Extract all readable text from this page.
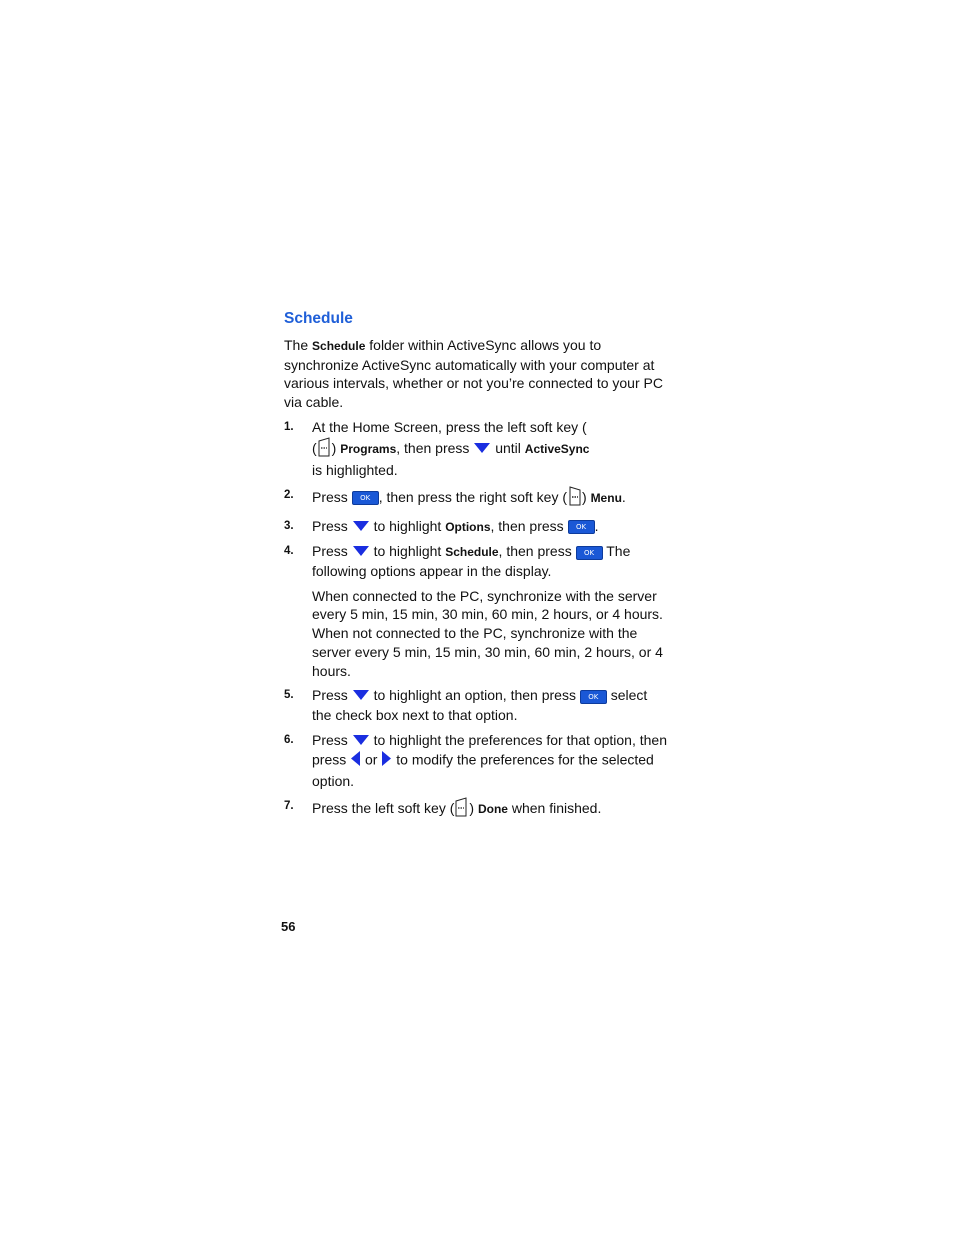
Schedule

The Schedule folder within ActiveSync allows you to synchronize ActiveSync automatically with your computer at various intervals, whether or not you’re connected to your PC via cable.

1. At the Home Screen, press the left soft key (
( ) Programs, then press  until ActiveSync
is highlighted.
2. Press OK , then press the right soft key ( ) Menu.
3. Press  to highlight Options, then press OK .
4. Press  to highlight Schedule, then press OK The following options appear in the display.
When connected to the PC, synchronize with the server every 5 min, 15 min, 30 min, 60 min, 2 hours, or 4 hours. When not connected to the PC, synchronize with the server every 5 min, 15 min, 30 min, 60 min, 2 hours, or 4 hours.
5. Press  to highlight an option, then press OK select the check box next to that option.
6. Press  to highlight the preferences for that option, then press  or  to modify the preferences for the selected option.
7. Press the left soft key ( ) Done when finished.
56
